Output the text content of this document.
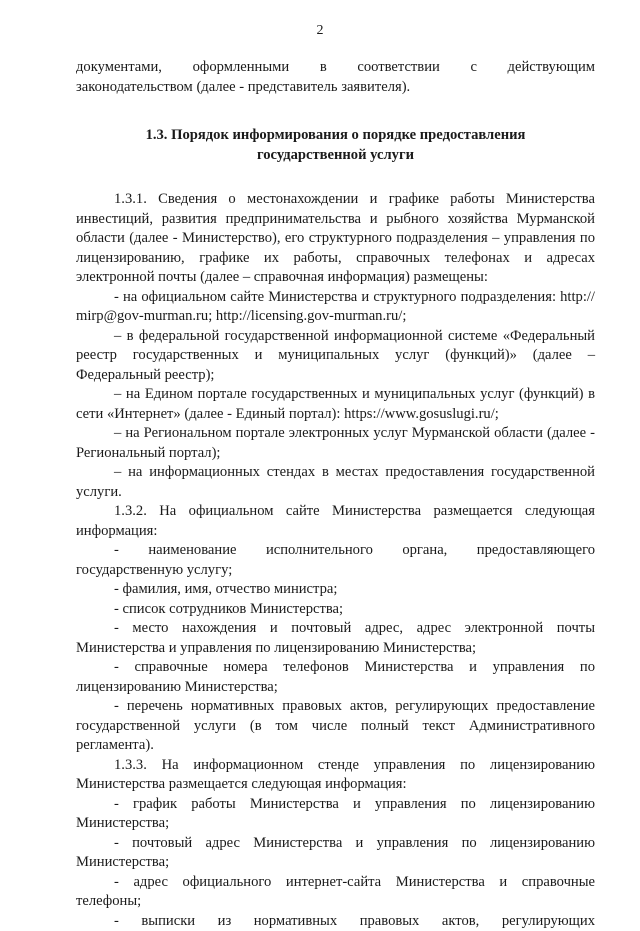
2

документами, оформленными в соответствии с действующим

законодательством (далее - представитель заявителя).

1.3. Порядок информирования о порядке предоставления
государственной услуги

1.3.1. Сведения о местонахождении и графике работы Министерства инвестиций, развития предпринимательства и рыбного хозяйства Мурманской области (далее - Министерство), его структурного подразделения – управления по лицензированию, графике их работы, справочных телефонах и адресах электронной почты (далее – справочная информация) размещены:

- на официальном сайте Министерства и структурного подразделения: http:// mirp@gov-murman.ru; http://licensing.gov-murman.ru/;

– в федеральной государственной информационной системе «Федеральный реестр государственных и муниципальных услуг (функций)» (далее – Федеральный реестр);

– на Едином портале государственных и муниципальных услуг (функций) в сети «Интернет» (далее - Единый портал): https://www.gosuslugi.ru/;

– на Региональном портале электронных услуг Мурманской области (далее - Региональный портал);

– на информационных стендах в местах предоставления государственной услуги.

1.3.2. На официальном сайте Министерства размещается следующая информация:

- наименование исполнительного органа, предоставляющего государственную услугу;

- фамилия, имя, отчество министра;

- список сотрудников Министерства;

- место нахождения и почтовый адрес, адрес электронной почты Министерства и управления по лицензированию Министерства;

- справочные номера телефонов Министерства и управления по лицензированию Министерства;

- перечень нормативных правовых актов, регулирующих предоставление государственной услуги (в том числе полный текст Административного регламента).

1.3.3. На информационном стенде управления по лицензированию Министерства размещается следующая информация:

- график работы Министерства и управления по лицензированию Министерства;

- почтовый адрес Министерства и управления по лицензированию Министерства;

- адрес официального интернет-сайта Министерства и справочные телефоны;

- выписки из нормативных правовых актов, регулирующих
